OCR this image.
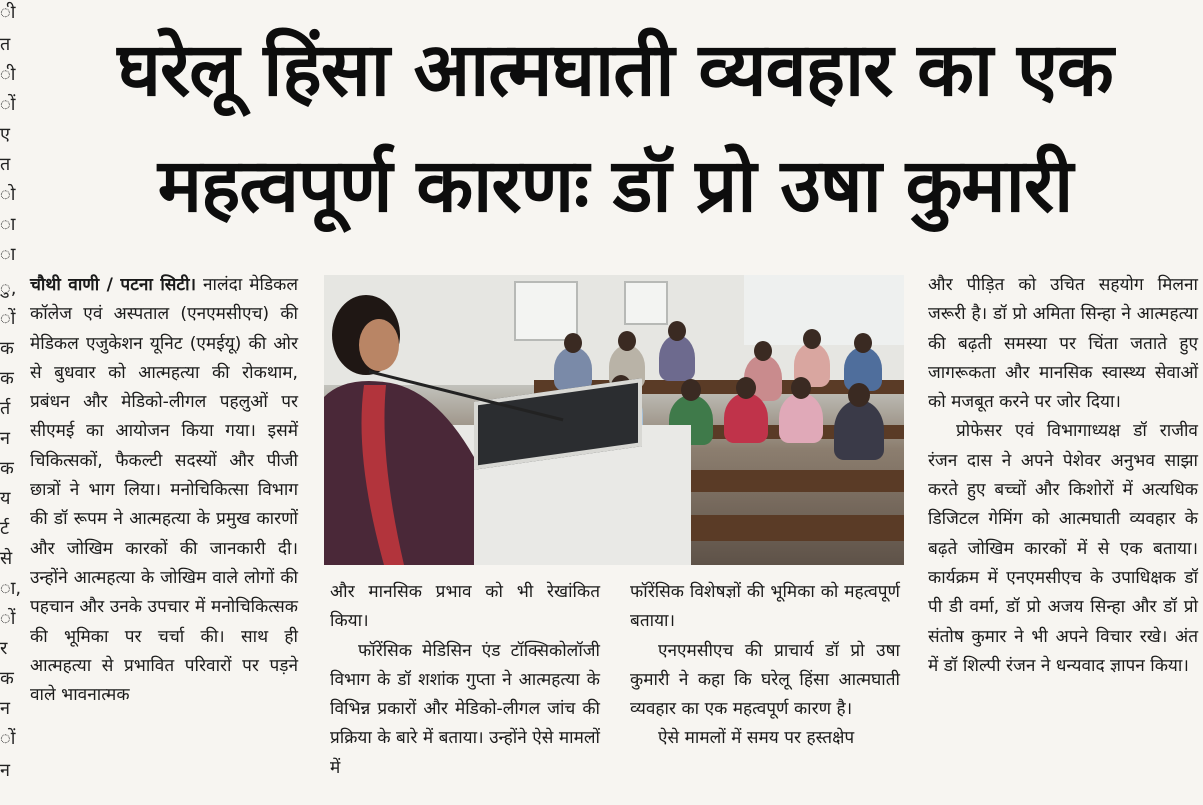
ी
त
ी
ों
ए
त
ो
ा
ा
ु,
ों
क
क
र्त
न
क
य
र्ट
से
ा,
ों
र
क
न
ों
न
घरेलू हिंसा आत्मघाती व्यवहार का एक
महत्वपूर्ण कारणः डॉ प्रो उषा कुमारी

चौथी वाणी / पटना सिटी। नालंदा मेडिकल कॉलेज एवं अस्पताल (एनएमसीएच) की मेडिकल एजुकेशन यूनिट (एमईयू) की ओर से बुधवार को आत्महत्या की रोकथाम, प्रबंधन और मेडिको-लीगल पहलुओं पर सीएमई का आयोजन किया गया। इसमें चिकित्सकों, फैकल्टी सदस्यों और पीजी छात्रों ने भाग लिया। मनोचिकित्सा विभाग की डॉ रूपम ने आत्महत्या के प्रमुख कारणों और जोखिम कारकों की जानकारी दी। उन्होंने आत्महत्या के जोखिम वाले लोगों की पहचान और उनके उपचार में मनोचिकित्सक की भूमिका पर चर्चा की। साथ ही आत्महत्या से प्रभावित परिवारों पर पड़ने वाले भावनात्मक

और मानसिक प्रभाव को भी रेखांकित किया।

फॉरेंसिक मेडिसिन एंड टॉक्सिकोलॉजी विभाग के डॉ शशांक गुप्ता ने आत्महत्या के विभिन्न प्रकारों और मेडिको-लीगल जांच की प्रक्रिया के बारे में बताया। उन्होंने ऐसे मामलों में

फॉरेंसिक विशेषज्ञों की भूमिका को महत्वपूर्ण बताया।

एनएमसीएच की प्राचार्य डॉ प्रो उषा कुमारी ने कहा कि घरेलू हिंसा आत्मघाती व्यवहार का एक महत्वपूर्ण कारण है।

ऐसे मामलों में समय पर हस्तक्षेप

और पीड़ित को उचित सहयोग मिलना जरूरी है। डॉ प्रो अमिता सिन्हा ने आत्महत्या की बढ़ती समस्या पर चिंता जताते हुए जागरूकता और मानसिक स्वास्थ्य सेवाओं को मजबूत करने पर जोर दिया।

प्रोफेसर एवं विभागाध्यक्ष डॉ राजीव रंजन दास ने अपने पेशेवर अनुभव साझा करते हुए बच्चों और किशोरों में अत्यधिक डिजिटल गेमिंग को आत्मघाती व्यवहार के बढ़ते जोखिम कारकों में से एक बताया। कार्यक्रम में एनएमसीएच के उपाधिक्षक डॉ पी डी वर्मा, डॉ प्रो अजय सिन्हा और डॉ प्रो संतोष कुमार ने भी अपने विचार रखे। अंत में डॉ शिल्पी रंजन ने धन्यवाद ज्ञापन किया।
